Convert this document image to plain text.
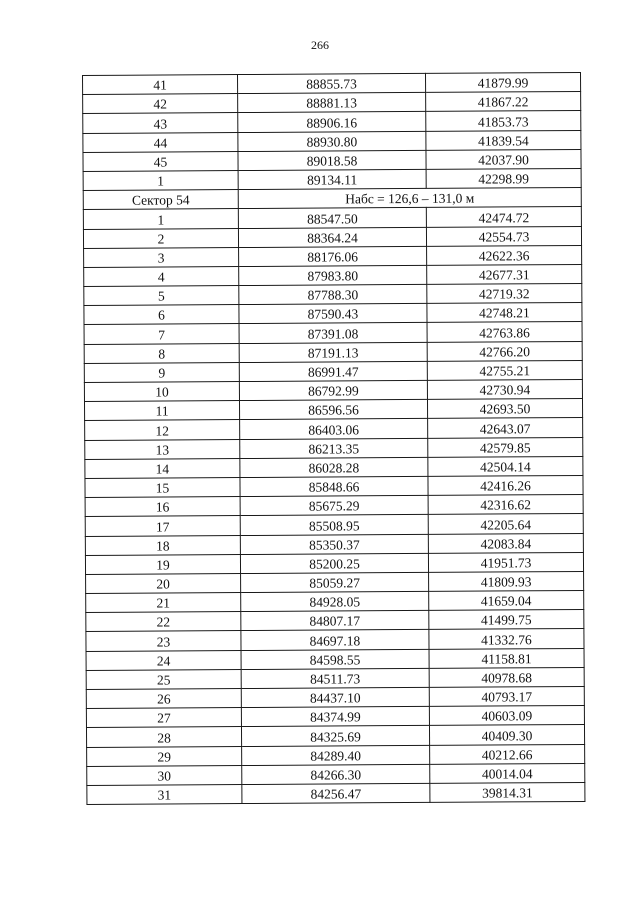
266
41	88855.73	41879.99
42	88881.13	41867.22
43	88906.16	41853.73
44	88930.80	41839.54
45	89018.58	42037.90
1	89134.11	42298.99
Сектор 54	Набс = 126,6 – 131,0 м	
1	88547.50	42474.72
2	88364.24	42554.73
3	88176.06	42622.36
4	87983.80	42677.31
5	87788.30	42719.32
6	87590.43	42748.21
7	87391.08	42763.86
8	87191.13	42766.20
9	86991.47	42755.21
10	86792.99	42730.94
11	86596.56	42693.50
12	86403.06	42643.07
13	86213.35	42579.85
14	86028.28	42504.14
15	85848.66	42416.26
16	85675.29	42316.62
17	85508.95	42205.64
18	85350.37	42083.84
19	85200.25	41951.73
20	85059.27	41809.93
21	84928.05	41659.04
22	84807.17	41499.75
23	84697.18	41332.76
24	84598.55	41158.81
25	84511.73	40978.68
26	84437.10	40793.17
27	84374.99	40603.09
28	84325.69	40409.30
29	84289.40	40212.66
30	84266.30	40014.04
31	84256.47	39814.31
